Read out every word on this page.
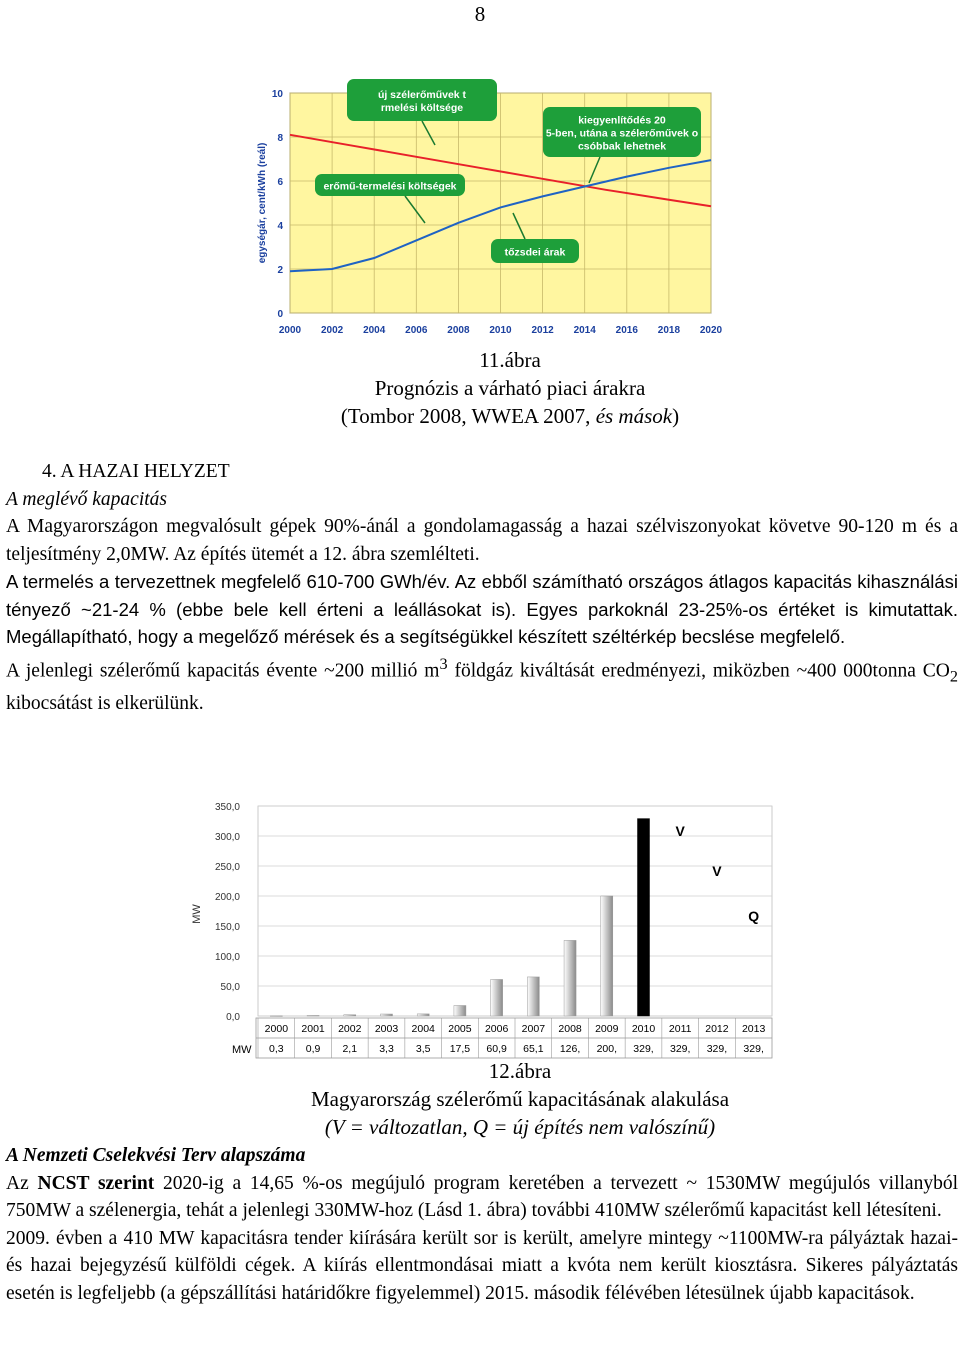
8
2000 2002 2004 2006 2008 2010 2012 2014 2016 2018 2020
0
2
4
6
8
10
egységár, cent/kWh (reál)
új szélerőművek t
rmelési költsége
kiegyenlítődés 20
5-ben, utána a szélerőművek o
csóbbak lehetnek
erőmű-termelési költségek
tőzsdei árak
11.ábra
Prognózis a várható piaci árakra
(Tombor 2008, WWEA 2007, és mások)

4. A HAZAI HELYZET

A meglévő kapacitás

A Magyarországon megvalósult gépek 90%-ánál a gondolamagasság a hazai szélviszonyokat követve 90-120 m és a teljesítmény 2,0MW. Az építés ütemét a 12. ábra szemlélteti.

A termelés a tervezettnek megfelelő 610-700 GWh/év. Az ebből számítható országos átlagos kapacitás kihasználási tényező ~21-24 % (ebbe bele kell érteni a leállásokat is). Egyes parkoknál 23-25%-os értéket is kimutattak. Megállapítható, hogy a megelőző mérések és a segítségükkel készített széltérkép becslése megfelelő.

A jelenlegi szélerőmű kapacitás évente ~200 millió $m^3$ földgáz kiváltását eredményezi, miközben ~400 000tonna $CO_2$ kibocsátást is elkerülünk.

0,0
50,0
100,0
150,0
200,0
250,0
300,0
350,0
MW
MW
2000
0,3
2001
0,9
2002
2,1
2003
3,3
2004
3,5
2005
17,5
2006
60,9
2007
65,1
2008
126,
2009
200,
2010
329,
2011
329,
2012
329,
2013
329,
V
V
Q
12.ábra
Magyarország szélerőmű kapacitásának alakulása
(V = változatlan, Q = új építés nem valószínű)

A Nemzeti Cselekvési Terv alapszáma

Az NCST szerint 2020-ig a 14,65 %-os megújuló program keretében a tervezett ~ 1530MW megújulós villanyból 750MW a szélenergia, tehát a jelenlegi 330MW-hoz (Lásd 1. ábra) további 410MW szélerőmű kapacitást kell létesíteni.

2009. évben a 410 MW kapacitásra tender kiírására került sor is került, amelyre mintegy ~1100MW-ra pályáztak hazai- és hazai bejegyzésű külföldi cégek. A kiírás ellentmondásai miatt a kvóta nem került kiosztásra. Sikeres pályáztatás esetén is legfeljebb (a gépszállítási határidőkre figyelemmel) 2015. második félévében létesülnek újabb kapacitások.
